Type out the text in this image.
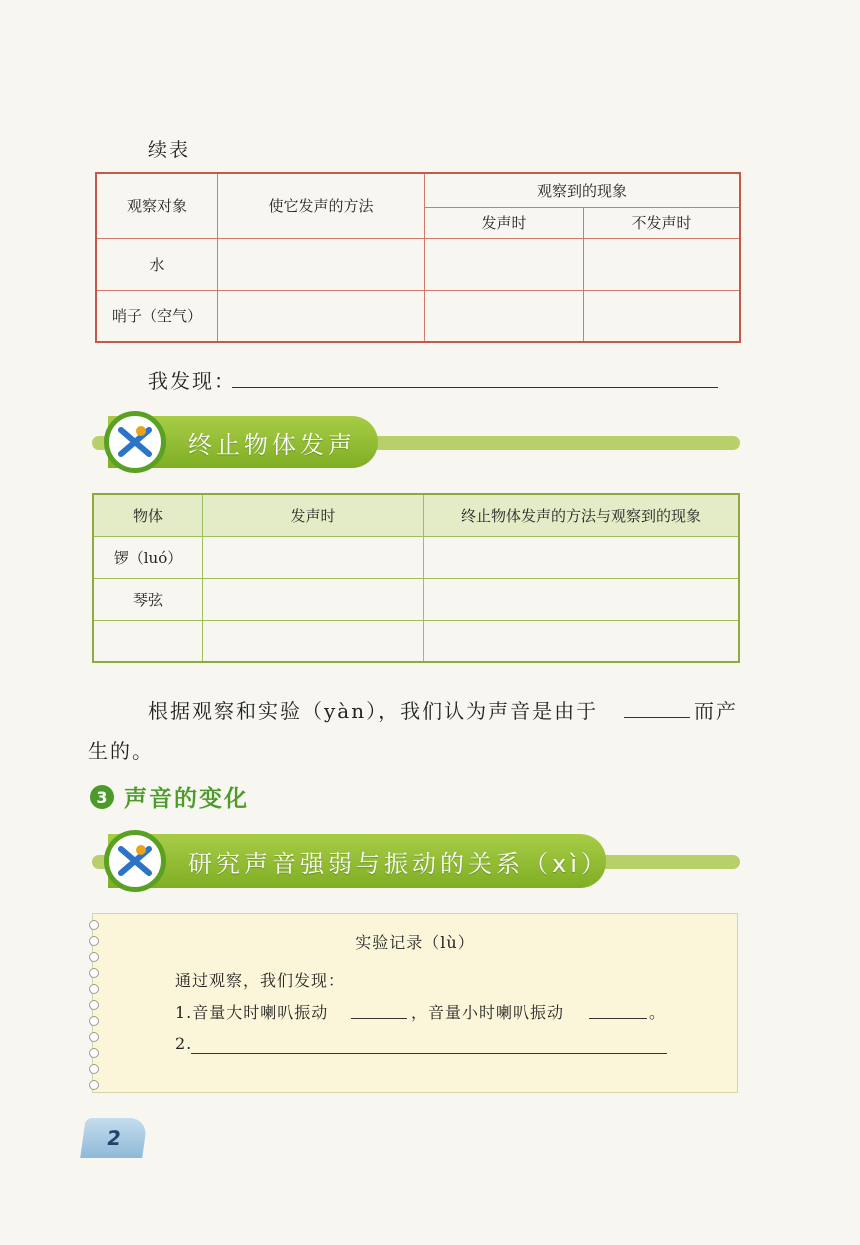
续表
观察对象	使它发声的方法	观察到的现象	
		发声时	不发声时
水			
哨子（空气）			
我发现：
终止物体发声
物体	发声时	终止物体发声的方法与观察到的现象
锣（luó）		
琴弦		

根据观察和实验（yàn），我们认为声音是由于	而产
生的。
3 声音的变化
研究声音强弱与振动的关系（xì）
实验记录（lù）
通过观察，我们发现：
1.音量大时喇叭振动	，音量小时喇叭振动	。
2.
2
